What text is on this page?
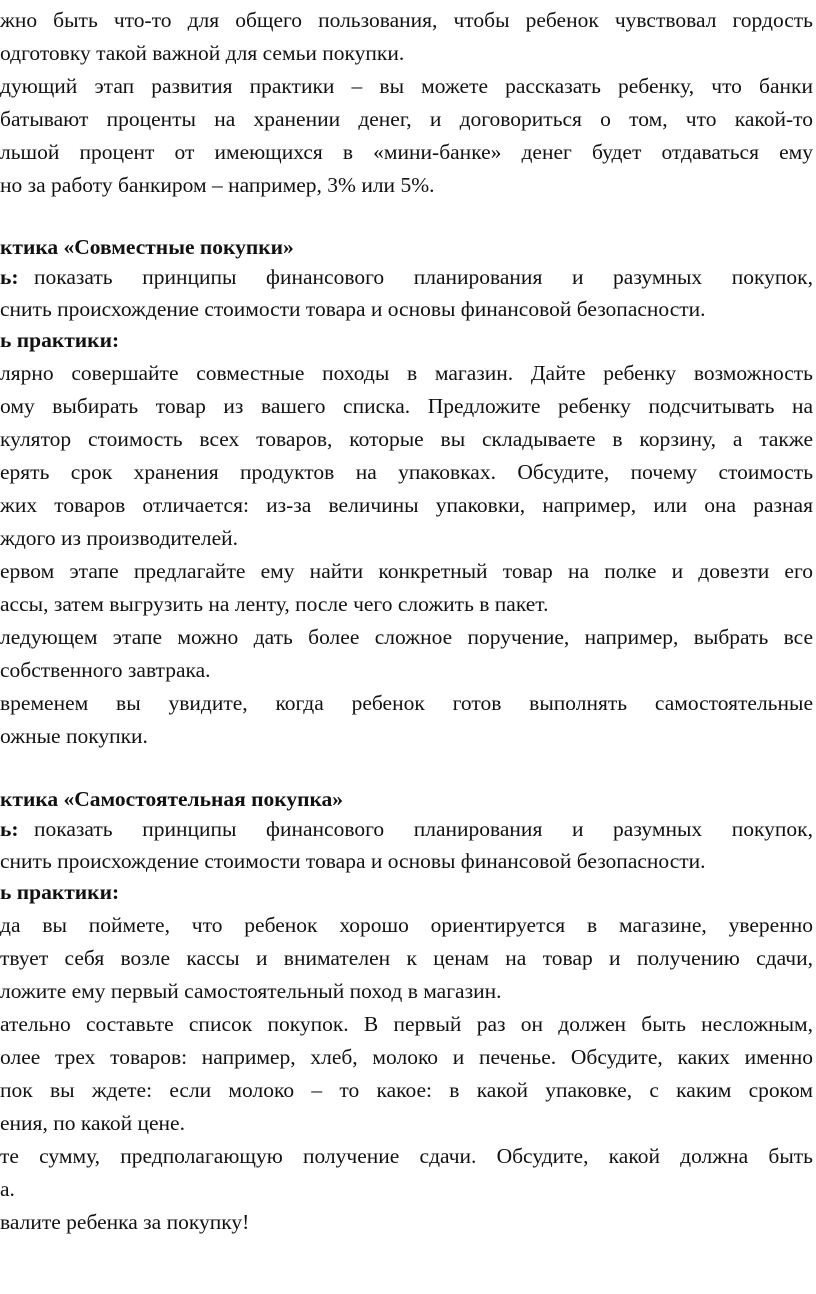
жно быть что-то для общего пользования, чтобы ребенок чувствовал гордость

одготовку такой важной для семьи покупки.

дующий этап развития практики – вы можете рассказать ребенку, что банки

батывают проценты на хранении денег, и договориться о том, что какой-то

льшой процент от имеющихся в «мини-банке» денег будет отдаваться ему

но за работу банкиром – например, 3% или 5%.

ктика «Совместные покупки»

ь: показать принципы финансового планирования и разумных покупок,

снить происхождение стоимости товара и основы финансовой безопасности.

ь практики:

лярно совершайте совместные походы в магазин. Дайте ребенку возможность

ому выбирать товар из вашего списка. Предложите ребенку подсчитывать на

кулятор стоимость всех товаров, которые вы складываете в корзину, а также

ерять срок хранения продуктов на упаковках. Обсудите, почему стоимость

жих товаров отличается: из-за величины упаковки, например, или она разная

ждого из производителей.

ервом этапе предлагайте ему найти конкретный товар на полке и довезти его

ассы, затем выгрузить на ленту, после чего сложить в пакет.

ледующем этапе можно дать более сложное поручение, например, выбрать все

собственного завтрака.

временем вы увидите, когда ребенок готов выполнять самостоятельные

ожные покупки.

ктика «Самостоятельная покупка»

ь: показать принципы финансового планирования и разумных покупок,

снить происхождение стоимости товара и основы финансовой безопасности.

ь практики:

да вы поймете, что ребенок хорошо ориентируется в магазине, уверенно

твует себя возле кассы и внимателен к ценам на товар и получению сдачи,

ложите ему первый самостоятельный поход в магазин.

ательно составьте список покупок. В первый раз он должен быть несложным,

олее трех товаров: например, хлеб, молоко и печенье. Обсудите, каких именно

пок вы ждете: если молоко – то какое: в какой упаковке, с каким сроком

ения, по какой цене.

те сумму, предполагающую получение сдачи. Обсудите, какой должна быть

а.

валите ребенка за покупку!
